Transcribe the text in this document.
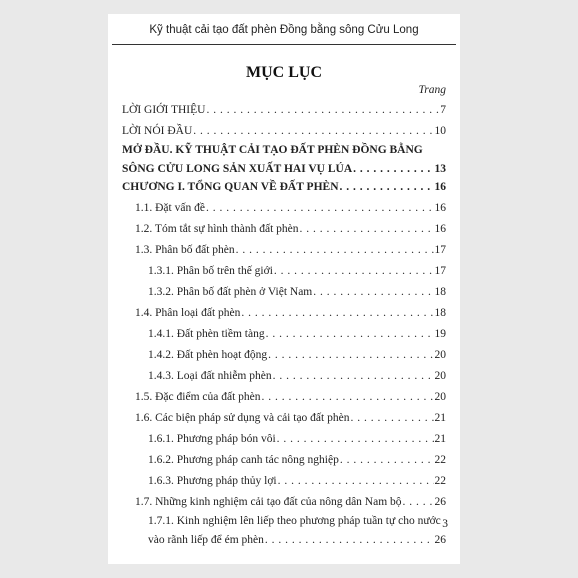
Kỹ thuật cải tạo đất phèn Đồng bằng sông Cửu Long
MỤC LỤC
Trang
LỜI GIỚI THIỆU . . .	7
LỜI NÓI ĐẦU . . .	10
MỞ ĐẦU. KỸ THUẬT CẢI TẠO ĐẤT PHÈN ĐỒNG BẰNG
SÔNG CỬU LONG SẢN XUẤT HAI VỤ LÚA . . .	13
CHƯƠNG I. TỔNG QUAN VỀ ĐẤT PHÈN . . .	16
1.1. Đặt vấn đề . . .	16
1.2. Tóm tắt sự hình thành đất phèn . . .	16
1.3. Phân bố đất phèn . . .	17
1.3.1. Phân bố trên thế giới . . .	17
1.3.2. Phân bố đất phèn ở Việt Nam . . .	18
1.4. Phân loại đất phèn . . .	18
1.4.1. Đất phèn tiềm tàng . . .	19
1.4.2. Đất phèn hoạt động . . .	20
1.4.3. Loại đất nhiễm phèn . . .	20
1.5. Đặc điểm của đất phèn . . .	20
1.6. Các biện pháp sử dụng và cải tạo đất phèn . . .	21
1.6.1. Phương pháp bón vôi . . .	21
1.6.2. Phương pháp canh tác nông nghiệp . . .	22
1.6.3. Phương pháp thủy lợi . . .	22
1.7. Những kinh nghiệm cải tạo đất của nông dân Nam bộ . . .	26
1.7.1. Kinh nghiệm lên liếp theo phương pháp tuần tự cho nước
vào rãnh liếp để ém phèn . . .	26
3
